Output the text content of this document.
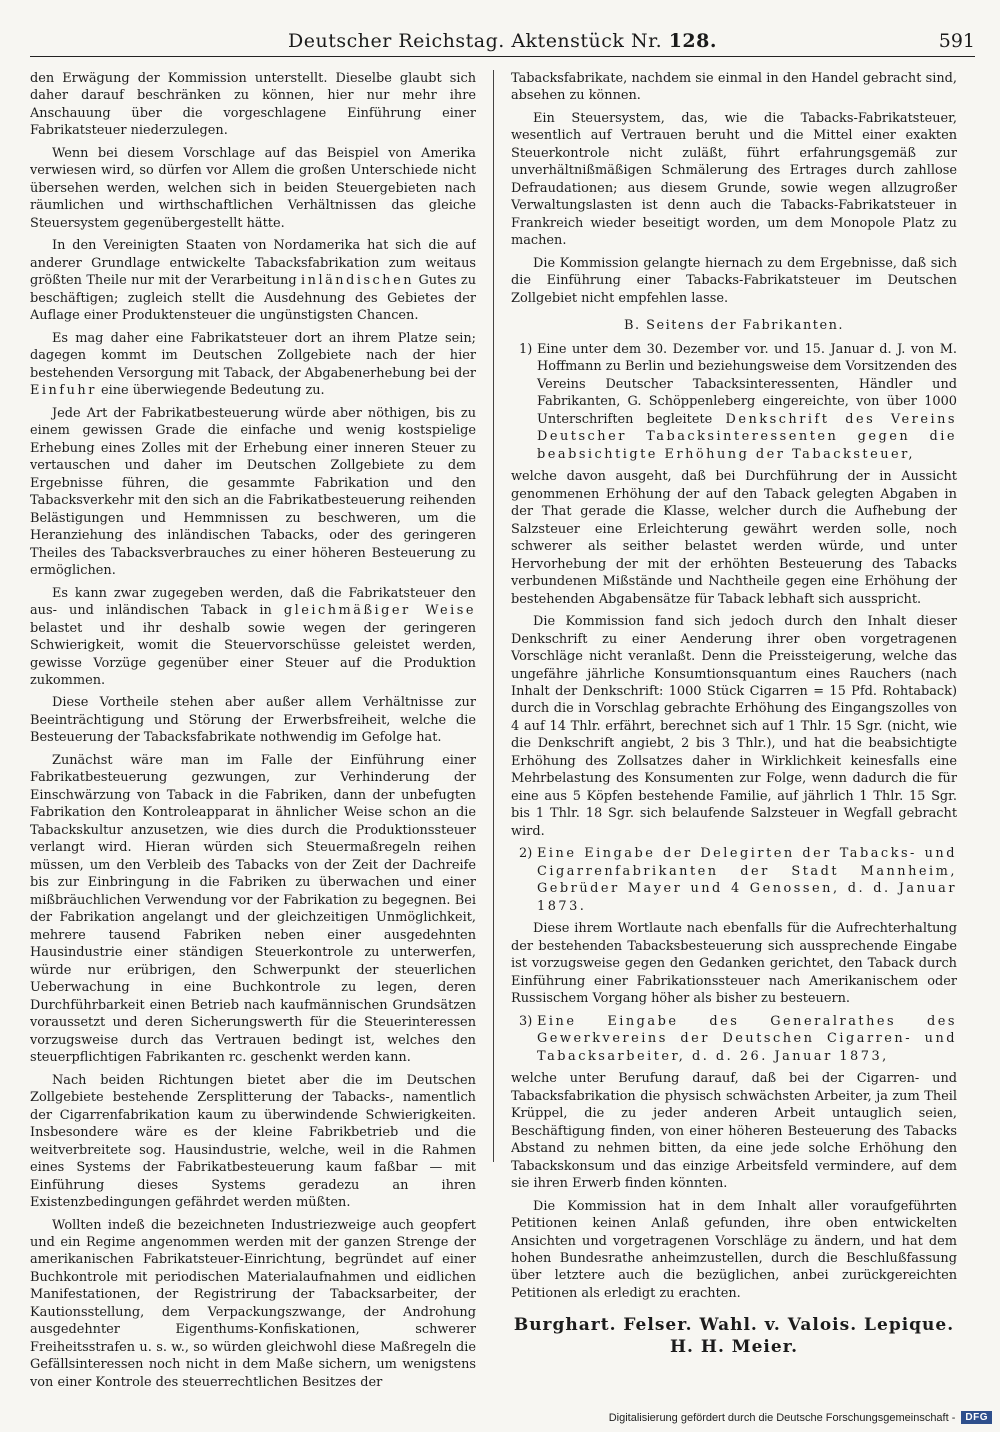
Deutscher Reichstag. Aktenstück Nr. 128.	591

den Erwägung der Kommission unterstellt. Dieselbe glaubt sich daher darauf beschränken zu können, hier nur mehr ihre Anschauung über die vorgeschlagene Einführung einer Fabrikatsteuer niederzulegen.

Wenn bei diesem Vorschlage auf das Beispiel von Amerika verwiesen wird, so dürfen vor Allem die großen Unterschiede nicht übersehen werden, welchen sich in beiden Steuergebieten nach räumlichen und wirthschaftlichen Verhältnissen das gleiche Steuersystem gegenübergestellt hätte.

In den Vereinigten Staaten von Nordamerika hat sich die auf anderer Grundlage entwickelte Tabacksfabrikation zum weitaus größten Theile nur mit der Verarbeitung inländischen Gutes zu beschäftigen; zugleich stellt die Ausdehnung des Gebietes der Auflage einer Produktensteuer die ungünstigsten Chancen.

Es mag daher eine Fabrikatsteuer dort an ihrem Platze sein; dagegen kommt im Deutschen Zollgebiete nach der hier bestehenden Versorgung mit Taback, der Abgabenerhebung bei der Einfuhr eine überwiegende Bedeutung zu.

Jede Art der Fabrikatbesteuerung würde aber nöthigen, bis zu einem gewissen Grade die einfache und wenig kostspielige Erhebung eines Zolles mit der Erhebung einer inneren Steuer zu vertauschen und daher im Deutschen Zollgebiete zu dem Ergebnisse führen, die gesammte Fabrikation und den Tabacksverkehr mit den sich an die Fabrikatbesteuerung reihenden Belästigungen und Hemmnissen zu beschweren, um die Heranziehung des inländischen Tabacks, oder des geringeren Theiles des Tabacksverbrauches zu einer höheren Besteuerung zu ermöglichen.

Es kann zwar zugegeben werden, daß die Fabrikatsteuer den aus- und inländischen Taback in gleichmäßiger Weise belastet und ihr deshalb sowie wegen der geringeren Schwierigkeit, womit die Steuervorschüsse geleistet werden, gewisse Vorzüge gegenüber einer Steuer auf die Produktion zukommen.

Diese Vortheile stehen aber außer allem Verhältnisse zur Beeinträchtigung und Störung der Erwerbsfreiheit, welche die Besteuerung der Tabacksfabrikate nothwendig im Gefolge hat.

Zunächst wäre man im Falle der Einführung einer Fabrikatbesteuerung gezwungen, zur Verhinderung der Einschwärzung von Taback in die Fabriken, dann der unbefugten Fabrikation den Kontroleapparat in ähnlicher Weise schon an die Tabackskultur anzusetzen, wie dies durch die Produktionssteuer verlangt wird. Hieran würden sich Steuermaßregeln reihen müssen, um den Verbleib des Tabacks von der Zeit der Dachreife bis zur Einbringung in die Fabriken zu überwachen und einer mißbräuchlichen Verwendung vor der Fabrikation zu begegnen. Bei der Fabrikation angelangt und der gleichzeitigen Unmöglichkeit, mehrere tausend Fabriken neben einer ausgedehnten Hausindustrie einer ständigen Steuerkontrole zu unterwerfen, würde nur erübrigen, den Schwerpunkt der steuerlichen Ueberwachung in eine Buchkontrole zu legen, deren Durchführbarkeit einen Betrieb nach kaufmännischen Grundsätzen voraussetzt und deren Sicherungswerth für die Steuerinteressen vorzugsweise durch das Vertrauen bedingt ist, welches den steuerpflichtigen Fabrikanten rc. geschenkt werden kann.

Nach beiden Richtungen bietet aber die im Deutschen Zollgebiete bestehende Zersplitterung der Tabacks-, namentlich der Cigarrenfabrikation kaum zu überwindende Schwierigkeiten. Insbesondere wäre es der kleine Fabrikbetrieb und die weitverbreitete sog. Hausindustrie, welche, weil in die Rahmen eines Systems der Fabrikatbesteuerung kaum faßbar — mit Einführung dieses Systems geradezu an ihren Existenzbedingungen gefährdet werden müßten.

Wollten indeß die bezeichneten Industriezweige auch geopfert und ein Regime angenommen werden mit der ganzen Strenge der amerikanischen Fabrikatsteuer-Einrichtung, begründet auf einer Buchkontrole mit periodischen Materialaufnahmen und eidlichen Manifestationen, der Registrirung der Tabacksarbeiter, der Kautionsstellung, dem Verpackungszwange, der Androhung ausgedehnter Eigenthums-Konfiskationen, schwerer Freiheitsstrafen u. s. w., so würden gleichwohl diese Maßregeln die Gefällsinteressen noch nicht in dem Maße sichern, um wenigstens von einer Kontrole des steuerrechtlichen Besitzes der

Tabacksfabrikate, nachdem sie einmal in den Handel gebracht sind, absehen zu können.

Ein Steuersystem, das, wie die Tabacks-Fabrikatsteuer, wesentlich auf Vertrauen beruht und die Mittel einer exakten Steuerkontrole nicht zuläßt, führt erfahrungsgemäß zur unverhältnißmäßigen Schmälerung des Ertrages durch zahllose Defraudationen; aus diesem Grunde, sowie wegen allzugroßer Verwaltungslasten ist denn auch die Tabacks-Fabrikatsteuer in Frankreich wieder beseitigt worden, um dem Monopole Platz zu machen.

Die Kommission gelangte hiernach zu dem Ergebnisse, daß sich die Einführung einer Tabacks-Fabrikatsteuer im Deutschen Zollgebiet nicht empfehlen lasse.

B. Seitens der Fabrikanten.

1) Eine unter dem 30. Dezember vor. und 15. Januar d. J. von M. Hoffmann zu Berlin und beziehungsweise dem Vorsitzenden des Vereins Deutscher Tabacksinteressenten, Händler und Fabrikanten, G. Schöppenleberg eingereichte, von über 1000 Unterschriften begleitete Denkschrift des Vereins Deutscher Tabacksinteressenten gegen die beabsichtigte Erhöhung der Tabacksteuer,

welche davon ausgeht, daß bei Durchführung der in Aussicht genommenen Erhöhung der auf den Taback gelegten Abgaben in der That gerade die Klasse, welcher durch die Aufhebung der Salzsteuer eine Erleichterung gewährt werden solle, noch schwerer als seither belastet werden würde, und unter Hervorhebung der mit der erhöhten Besteuerung des Tabacks verbundenen Mißstände und Nachtheile gegen eine Erhöhung der bestehenden Abgabensätze für Taback lebhaft sich ausspricht.

Die Kommission fand sich jedoch durch den Inhalt dieser Denkschrift zu einer Aenderung ihrer oben vorgetragenen Vorschläge nicht veranlaßt. Denn die Preissteigerung, welche das ungefähre jährliche Konsumtionsquantum eines Rauchers (nach Inhalt der Denkschrift: 1000 Stück Cigarren = 15 Pfd. Rohtaback) durch die in Vorschlag gebrachte Erhöhung des Eingangszolles von 4 auf 14 Thlr. erfährt, berechnet sich auf 1 Thlr. 15 Sgr. (nicht, wie die Denkschrift angiebt, 2 bis 3 Thlr.), und hat die beabsichtigte Erhöhung des Zollsatzes daher in Wirklichkeit keinesfalls eine Mehrbelastung des Konsumenten zur Folge, wenn dadurch die für eine aus 5 Köpfen bestehende Familie, auf jährlich 1 Thlr. 15 Sgr. bis 1 Thlr. 18 Sgr. sich belaufende Salzsteuer in Wegfall gebracht wird.

2) Eine Eingabe der Delegirten der Tabacks- und Cigarrenfabrikanten der Stadt Mannheim, Gebrüder Mayer und 4 Genossen, d. d. Januar 1873.

Diese ihrem Wortlaute nach ebenfalls für die Aufrechterhaltung der bestehenden Tabacksbesteuerung sich aussprechende Eingabe ist vorzugsweise gegen den Gedanken gerichtet, den Taback durch Einführung einer Fabrikationssteuer nach Amerikanischem oder Russischem Vorgang höher als bisher zu besteuern.

3) Eine Eingabe des Generalrathes des Gewerkvereins der Deutschen Cigarren- und Tabacksarbeiter, d. d. 26. Januar 1873,

welche unter Berufung darauf, daß bei der Cigarren- und Tabacksfabrikation die physisch schwächsten Arbeiter, ja zum Theil Krüppel, die zu jeder anderen Arbeit untauglich seien, Beschäftigung finden, von einer höheren Besteuerung des Tabacks Abstand zu nehmen bitten, da eine jede solche Erhöhung den Tabackskonsum und das einzige Arbeitsfeld vermindere, auf dem sie ihren Erwerb finden könnten.

Die Kommission hat in dem Inhalt aller voraufgeführten Petitionen keinen Anlaß gefunden, ihre oben entwickelten Ansichten und vorgetragenen Vorschläge zu ändern, und hat dem hohen Bundesrathe anheimzustellen, durch die Beschlußfassung über letztere auch die bezüglichen, anbei zurückgereichten Petitionen als erledigt zu erachten.

Burghart. Felser. Wahl. v. Valois. Lepique.
H. H. Meier.
Digitalisierung gefördert durch die Deutsche Forschungsgemeinschaft -	DFG
